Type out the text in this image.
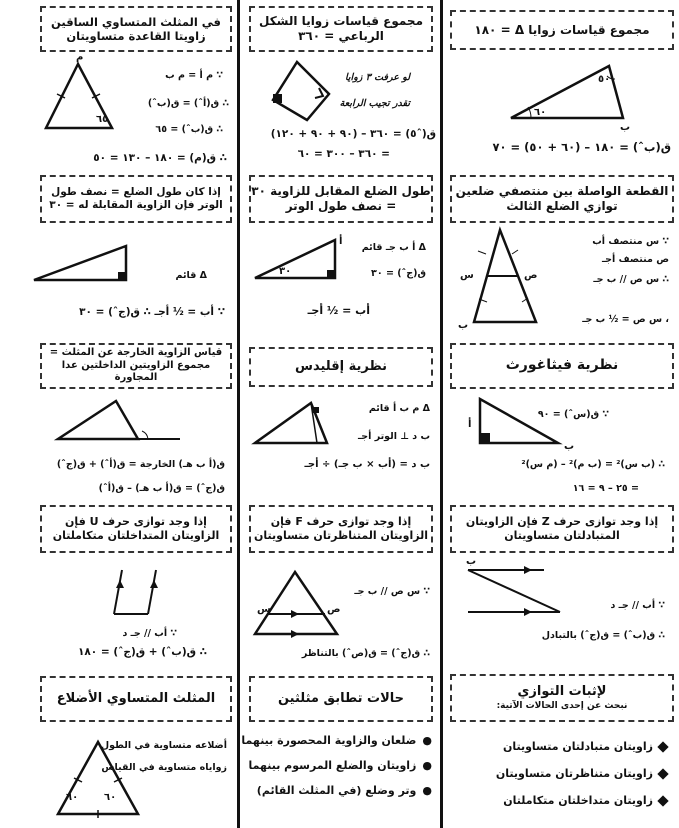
مجموع قياسات زوايا Δ = ١٨٠
٥٠
٦٠
ب
ق(بˆ) = ١٨٠ – (٦٠ + ٥٠) = ٧٠
القطعة الواصلة بين منتصفي ضلعين توازي الضلع الثالث
س	ص
ب
∵ س منتصف أب
ص منتصف أجـ
∴ س ص // ب جـ
، س ص = ½ ب جـ
نظرية فيثاغورث
أ
ب
∵ ق(سˆ) = ٩٠
∴ (ب س)² = (ب م)² – (م س)²
= ٢٥ – ٩ = ١٦
إذا وجد توازى حرف Z فإن الزاويتان المتبادلتان متساويتان
ب
∵ أب // جـ د
∴ ق(بˆ) = ق(جˆ) بالتبادل
لإثبات التوازي
نبحث عن إحدى الحالات الآتية:
زاويتان متبادلتان متساويتان
زاويتان متناظرتان متساويتان
زاويتان متداخلتان متكاملتان
مجموع قياسات زوايا الشكل الرباعي = ٣٦٠
لو عرفت ٣ زوايا
تقدر تجيب الرابعة
ق(ˆ٥) = ٣٦٠ – (٩٠ + ٩٠ + ١٢٠)
= ٣٦٠ – ٣٠٠ = ٦٠
طول الضلع المقابل للزاوية ٣٠ = نصف طول الوتر
٣٠
أ
Δ أ ب جـ قائم
ق(جˆ) = ٣٠
أب = ½ أجـ
نظرية إقليدس
Δ م ب أ قائم
ب د ⊥ الوتر أجـ
ب د = (أب × ب جـ) ÷ أجـ
إذا وجد توازى حرف F فإن الزاويتان المتناظرتان متساويتان
س	ص
∵ س ص // ب جـ
∴ ق(جˆ) = ق(صˆ) بالتناظر
حالات تطابق مثلثين
●
ضلعان والزاوية المحصورة بينهما
●
زاويتان والضلع المرسوم بينهما
●
وتر وضلع (في المثلث القائم)
في المثلث المتساوي الساقين زاويتا القاعدة متساويتان
م
٦٥
∵ م أ = م ب
∴ ق(أˆ) = ق(بˆ)
∴ ق(بˆ) = ٦٥
∴ ق(م) = ١٨٠ – ١٣٠ = ٥٠
إذا كان طول الضلع = نصف طول الوتر فإن الزاوية المقابلة له = ٣٠
Δ قائم
∵ أب = ½ أجـ ∴ ق(جˆ) = ٣٠
قياس الزاوية الخارجة عن المثلث = مجموع الزاويتين الداخلتين عدا المجاورة
ق(أ ب هـ) الخارجة = ق(أˆ) + ق(جˆ)
ق(جˆ) = ق(أ ب هـ) – ق(أˆ)
إذا وجد توازى حرف U فإن الزاويتان المتداخلتان متكاملتان
∵ أب // جـ د
∴ ق(بˆ) + ق(جˆ) = ١٨٠
المثلث المتساوي الأضلاع
٦٠	٦٠
أضلاعه متساوية في الطول
زواياه متساوية في القياس
